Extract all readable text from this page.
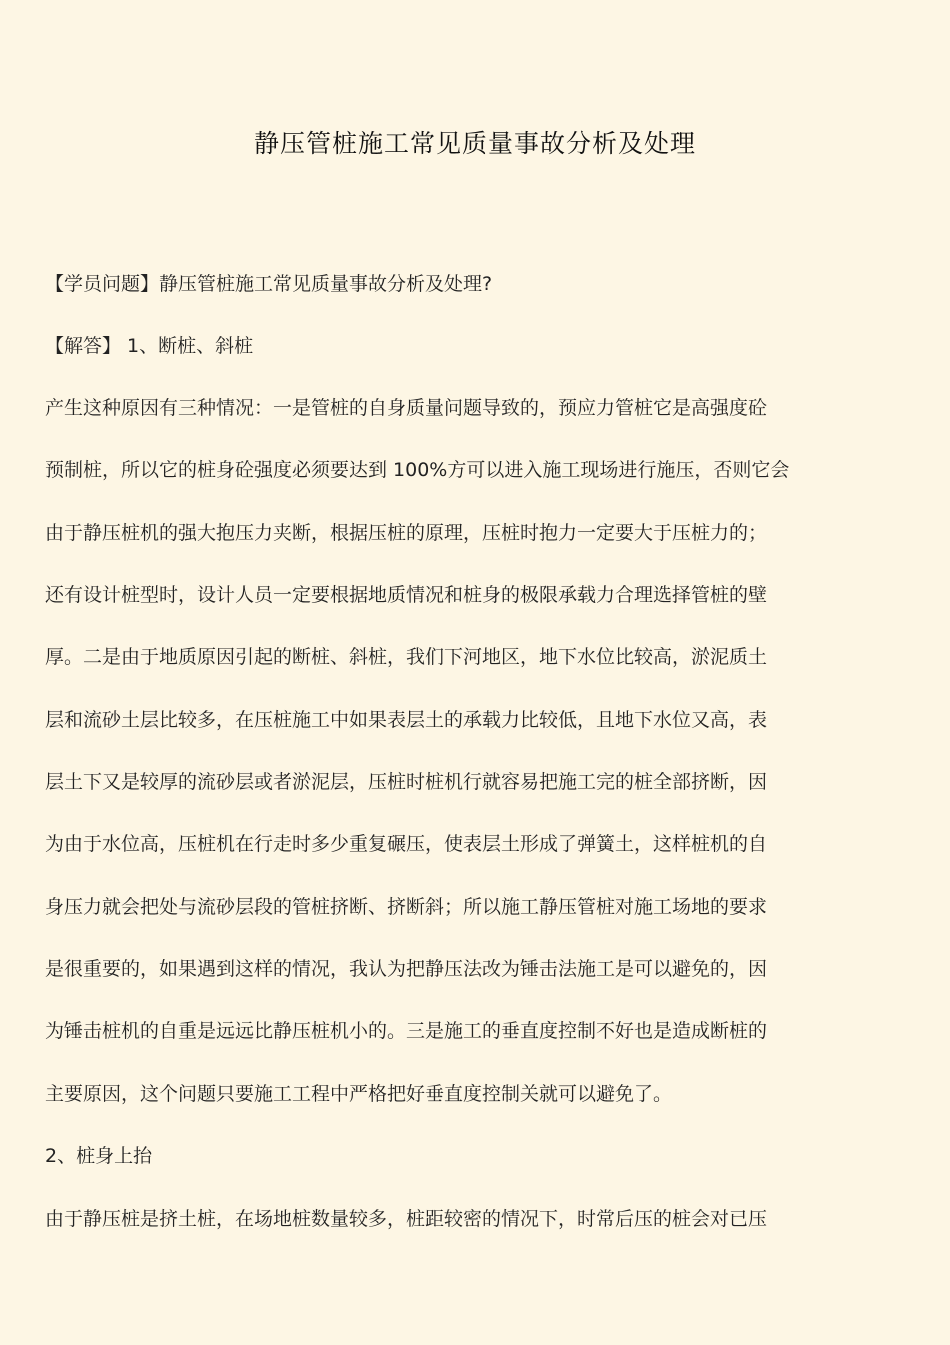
静压管桩施工常见质量事故分析及处理
【学员问题】静压管桩施工常见质量事故分析及处理?
【解答】 1、断桩、斜桩
产生这种原因有三种情况：一是管桩的自身质量问题导致的，预应力管桩它是高强度砼
预制桩，所以它的桩身砼强度必须要达到 100%方可以进入施工现场进行施压，否则它会
由于静压桩机的强大抱压力夹断，根据压桩的原理，压桩时抱力一定要大于压桩力的；
还有设计桩型时，设计人员一定要根据地质情况和桩身的极限承载力合理选择管桩的壁
厚。二是由于地质原因引起的断桩、斜桩，我们下河地区，地下水位比较高，淤泥质土
层和流砂土层比较多，在压桩施工中如果表层土的承载力比较低，且地下水位又高，表
层土下又是较厚的流砂层或者淤泥层，压桩时桩机行就容易把施工完的桩全部挤断，因
为由于水位高，压桩机在行走时多少重复碾压，使表层土形成了弹簧土，这样桩机的自
身压力就会把处与流砂层段的管桩挤断、挤断斜；所以施工静压管桩对施工场地的要求
是很重要的，如果遇到这样的情况，我认为把静压法改为锤击法施工是可以避免的，因
为锤击桩机的自重是远远比静压桩机小的。三是施工的垂直度控制不好也是造成断桩的
主要原因，这个问题只要施工工程中严格把好垂直度控制关就可以避免了。
2、桩身上抬
由于静压桩是挤土桩，在场地桩数量较多，桩距较密的情况下，时常后压的桩会对已压
